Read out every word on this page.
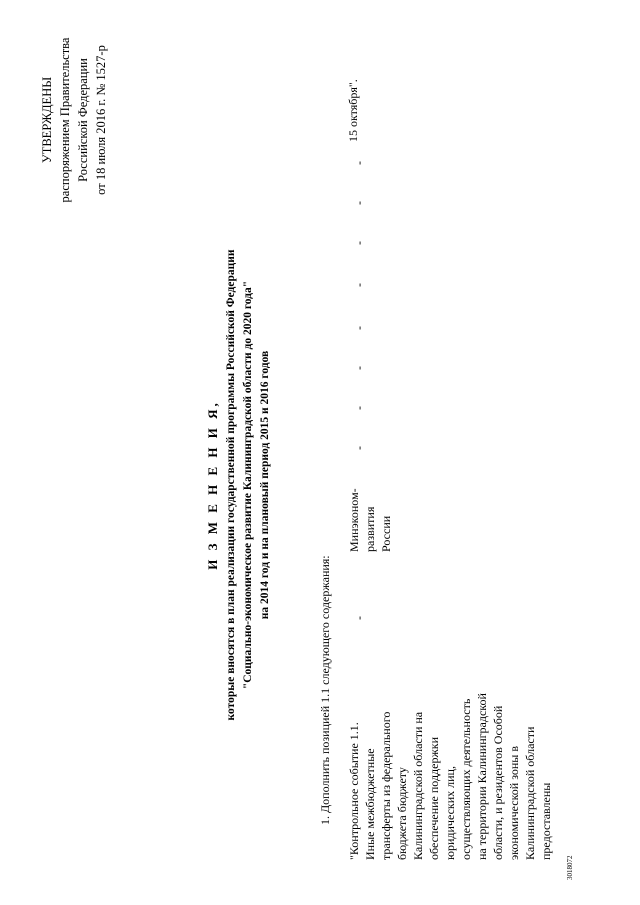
УТВЕРЖДЕНЫ распоряжением Правительства Российской Федерации от 18 июля 2016 г. № 1527-р
И З М Е Н Е Н И Я, которые вносятся в план реализации государственной программы Российской Федерации "Социально-экономическое развитие Калининградской области до 2020 года" на 2014 год и на плановый период 2015 и 2016 годов
1. Дополнить позицией 1.1 следующего содержания: "Контрольное событие 1.1. Иные межбюджетные трансферты из федерального бюджета бюджету Калининградской области на обеспечение поддержки юридических лиц, осуществляющих деятельность на территории Калининградской области, и резидентов Особой экономической зоны в Калининградской области предоставлены
-
Минэконом- развития России
-
-
-
-
-
-
-
-
15 октября".
3018072
